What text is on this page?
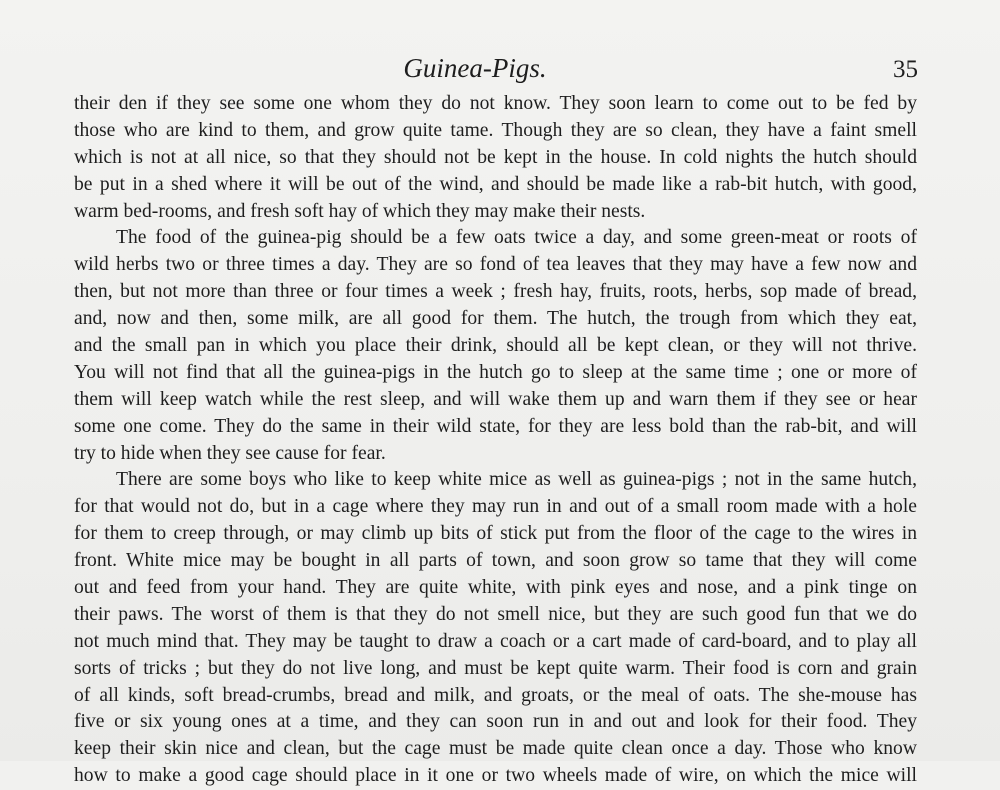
Guinea-Pigs.	35
their den if they see some one whom they do not know. They soon learn to come out to be fed by
those who are kind to them, and grow quite tame. Though they are so clean, they have a faint smell
which is not at all nice, so that they should not be kept in the house. In cold nights the hutch should
be put in a shed where it will be out of the wind, and should be made like a rab-bit hutch, with good,
warm bed-rooms, and fresh soft hay of which they may make their nests.
The food of the guinea-pig should be a few oats twice a day, and some green-meat or roots of
wild herbs two or three times a day. They are so fond of tea leaves that they may have a few now and
then, but not more than three or four times a week ; fresh hay, fruits, roots, herbs, sop made of bread,
and, now and then, some milk, are all good for them. The hutch, the trough from which they eat,
and the small pan in which you place their drink, should all be kept clean, or they will not thrive.
You will not find that all the guinea-pigs in the hutch go to sleep at the same time ; one or more of
them will keep watch while the rest sleep, and will wake them up and warn them if they see or hear
some one come. They do the same in their wild state, for they are less bold than the rab-bit, and will
try to hide when they see cause for fear.
There are some boys who like to keep white mice as well as guinea-pigs ; not in the same hutch,
for that would not do, but in a cage where they may run in and out of a small room made with a hole
for them to creep through, or may climb up bits of stick put from the floor of the cage to the wires in
front. White mice may be bought in all parts of town, and soon grow so tame that they will come
out and feed from your hand. They are quite white, with pink eyes and nose, and a pink tinge on
their paws. The worst of them is that they do not smell nice, but they are such good fun that we do
not much mind that. They may be taught to draw a coach or a cart made of card-board, and to play all
sorts of tricks ; but they do not live long, and must be kept quite warm. Their food is corn and grain
of all kinds, soft bread-crumbs, bread and milk, and groats, or the meal of oats. The she-mouse has
five or six young ones at a time, and they can soon run in and out and look for their food. They
keep their skin nice and clean, but the cage must be made quite clean once a day. Those who know
how to make a good cage should place in it one or two wheels made of wire, on which the mice will
